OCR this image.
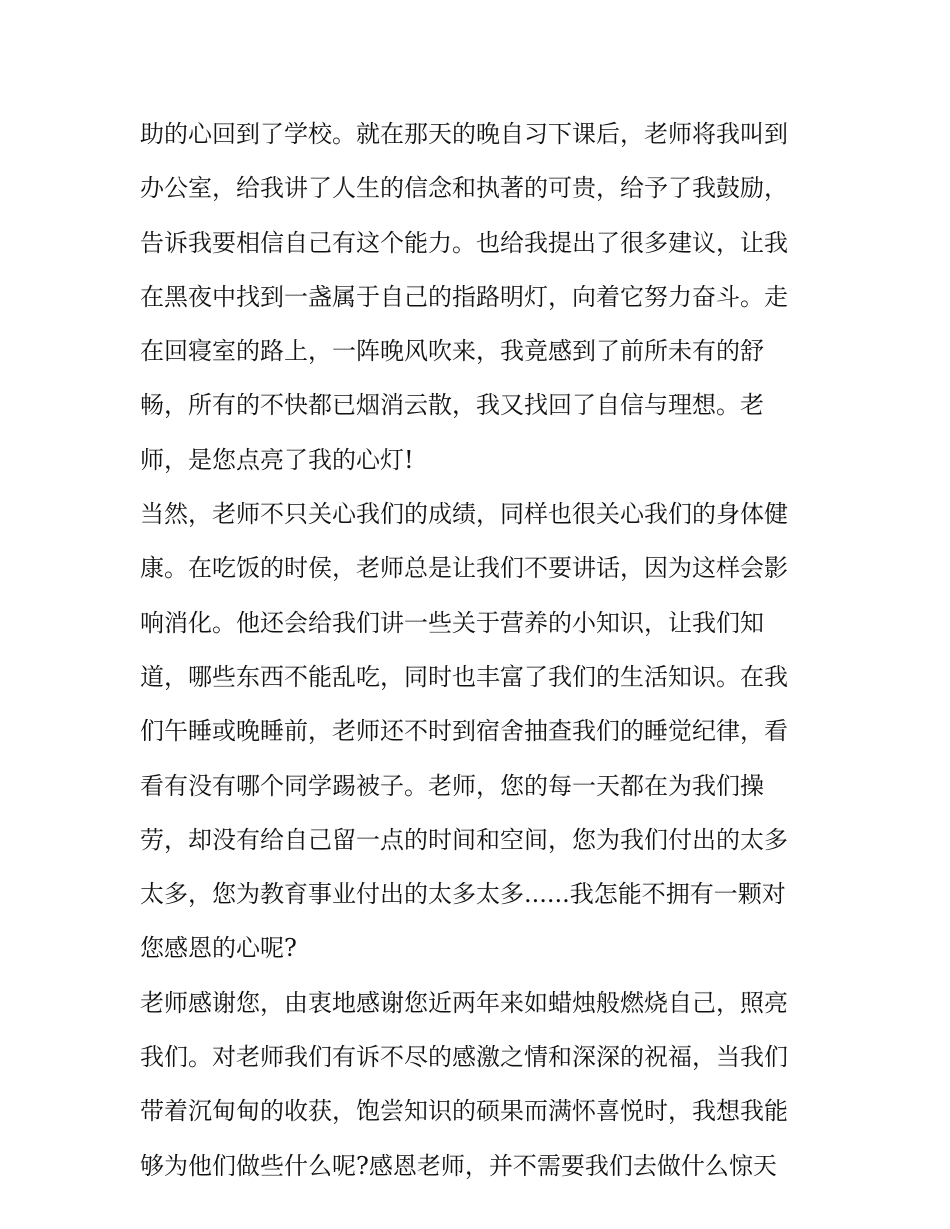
助的心回到了学校。就在那天的晚自习下课后，老师将我叫到
办公室，给我讲了人生的信念和执著的可贵，给予了我鼓励，
告诉我要相信自己有这个能力。也给我提出了很多建议，让我
在黑夜中找到一盏属于自己的指路明灯，向着它努力奋斗。走
在回寝室的路上，一阵晚风吹来，我竟感到了前所未有的舒
畅，所有的不快都已烟消云散，我又找回了自信与理想。老
师，是您点亮了我的心灯!
当然，老师不只关心我们的成绩，同样也很关心我们的身体健
康。在吃饭的时侯，老师总是让我们不要讲话，因为这样会影
响消化。他还会给我们讲一些关于营养的小知识，让我们知
道，哪些东西不能乱吃，同时也丰富了我们的生活知识。在我
们午睡或晚睡前，老师还不时到宿舍抽查我们的睡觉纪律，看
看有没有哪个同学踢被子。老师，您的每一天都在为我们操
劳，却没有给自己留一点的时间和空间，您为我们付出的太多
太多，您为教育事业付出的太多太多......我怎能不拥有一颗对
您感恩的心呢?
老师感谢您，由衷地感谢您近两年来如蜡烛般燃烧自己，照亮
我们。对老师我们有诉不尽的感激之情和深深的祝福，当我们
带着沉甸甸的收获，饱尝知识的硕果而满怀喜悦时，我想我能
够为他们做些什么呢?感恩老师，并不需要我们去做什么惊天
